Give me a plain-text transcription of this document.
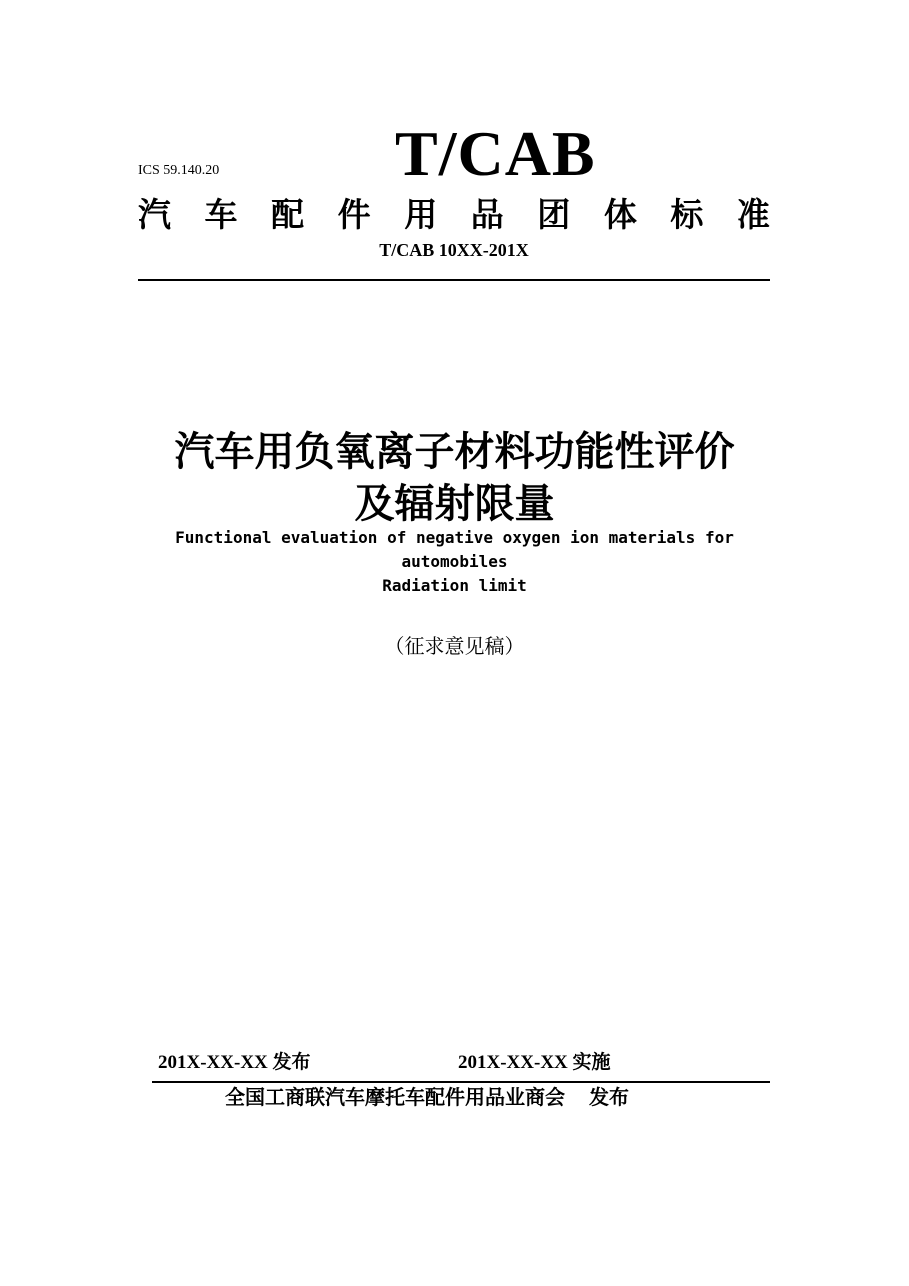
ICS 59.140.20	T/CAB
汽 车 配 件 用 品 团 体 标 准
T/CAB 10XX-201X
汽车用负氧离子材料功能性评价
及辐射限量
Functional evaluation of negative oxygen ion materials for
automobiles
Radiation limit
（征求意见稿）
201X-XX-XX 发布	201X-XX-XX 实施
全国工商联汽车摩托车配件用品业商会 发布
